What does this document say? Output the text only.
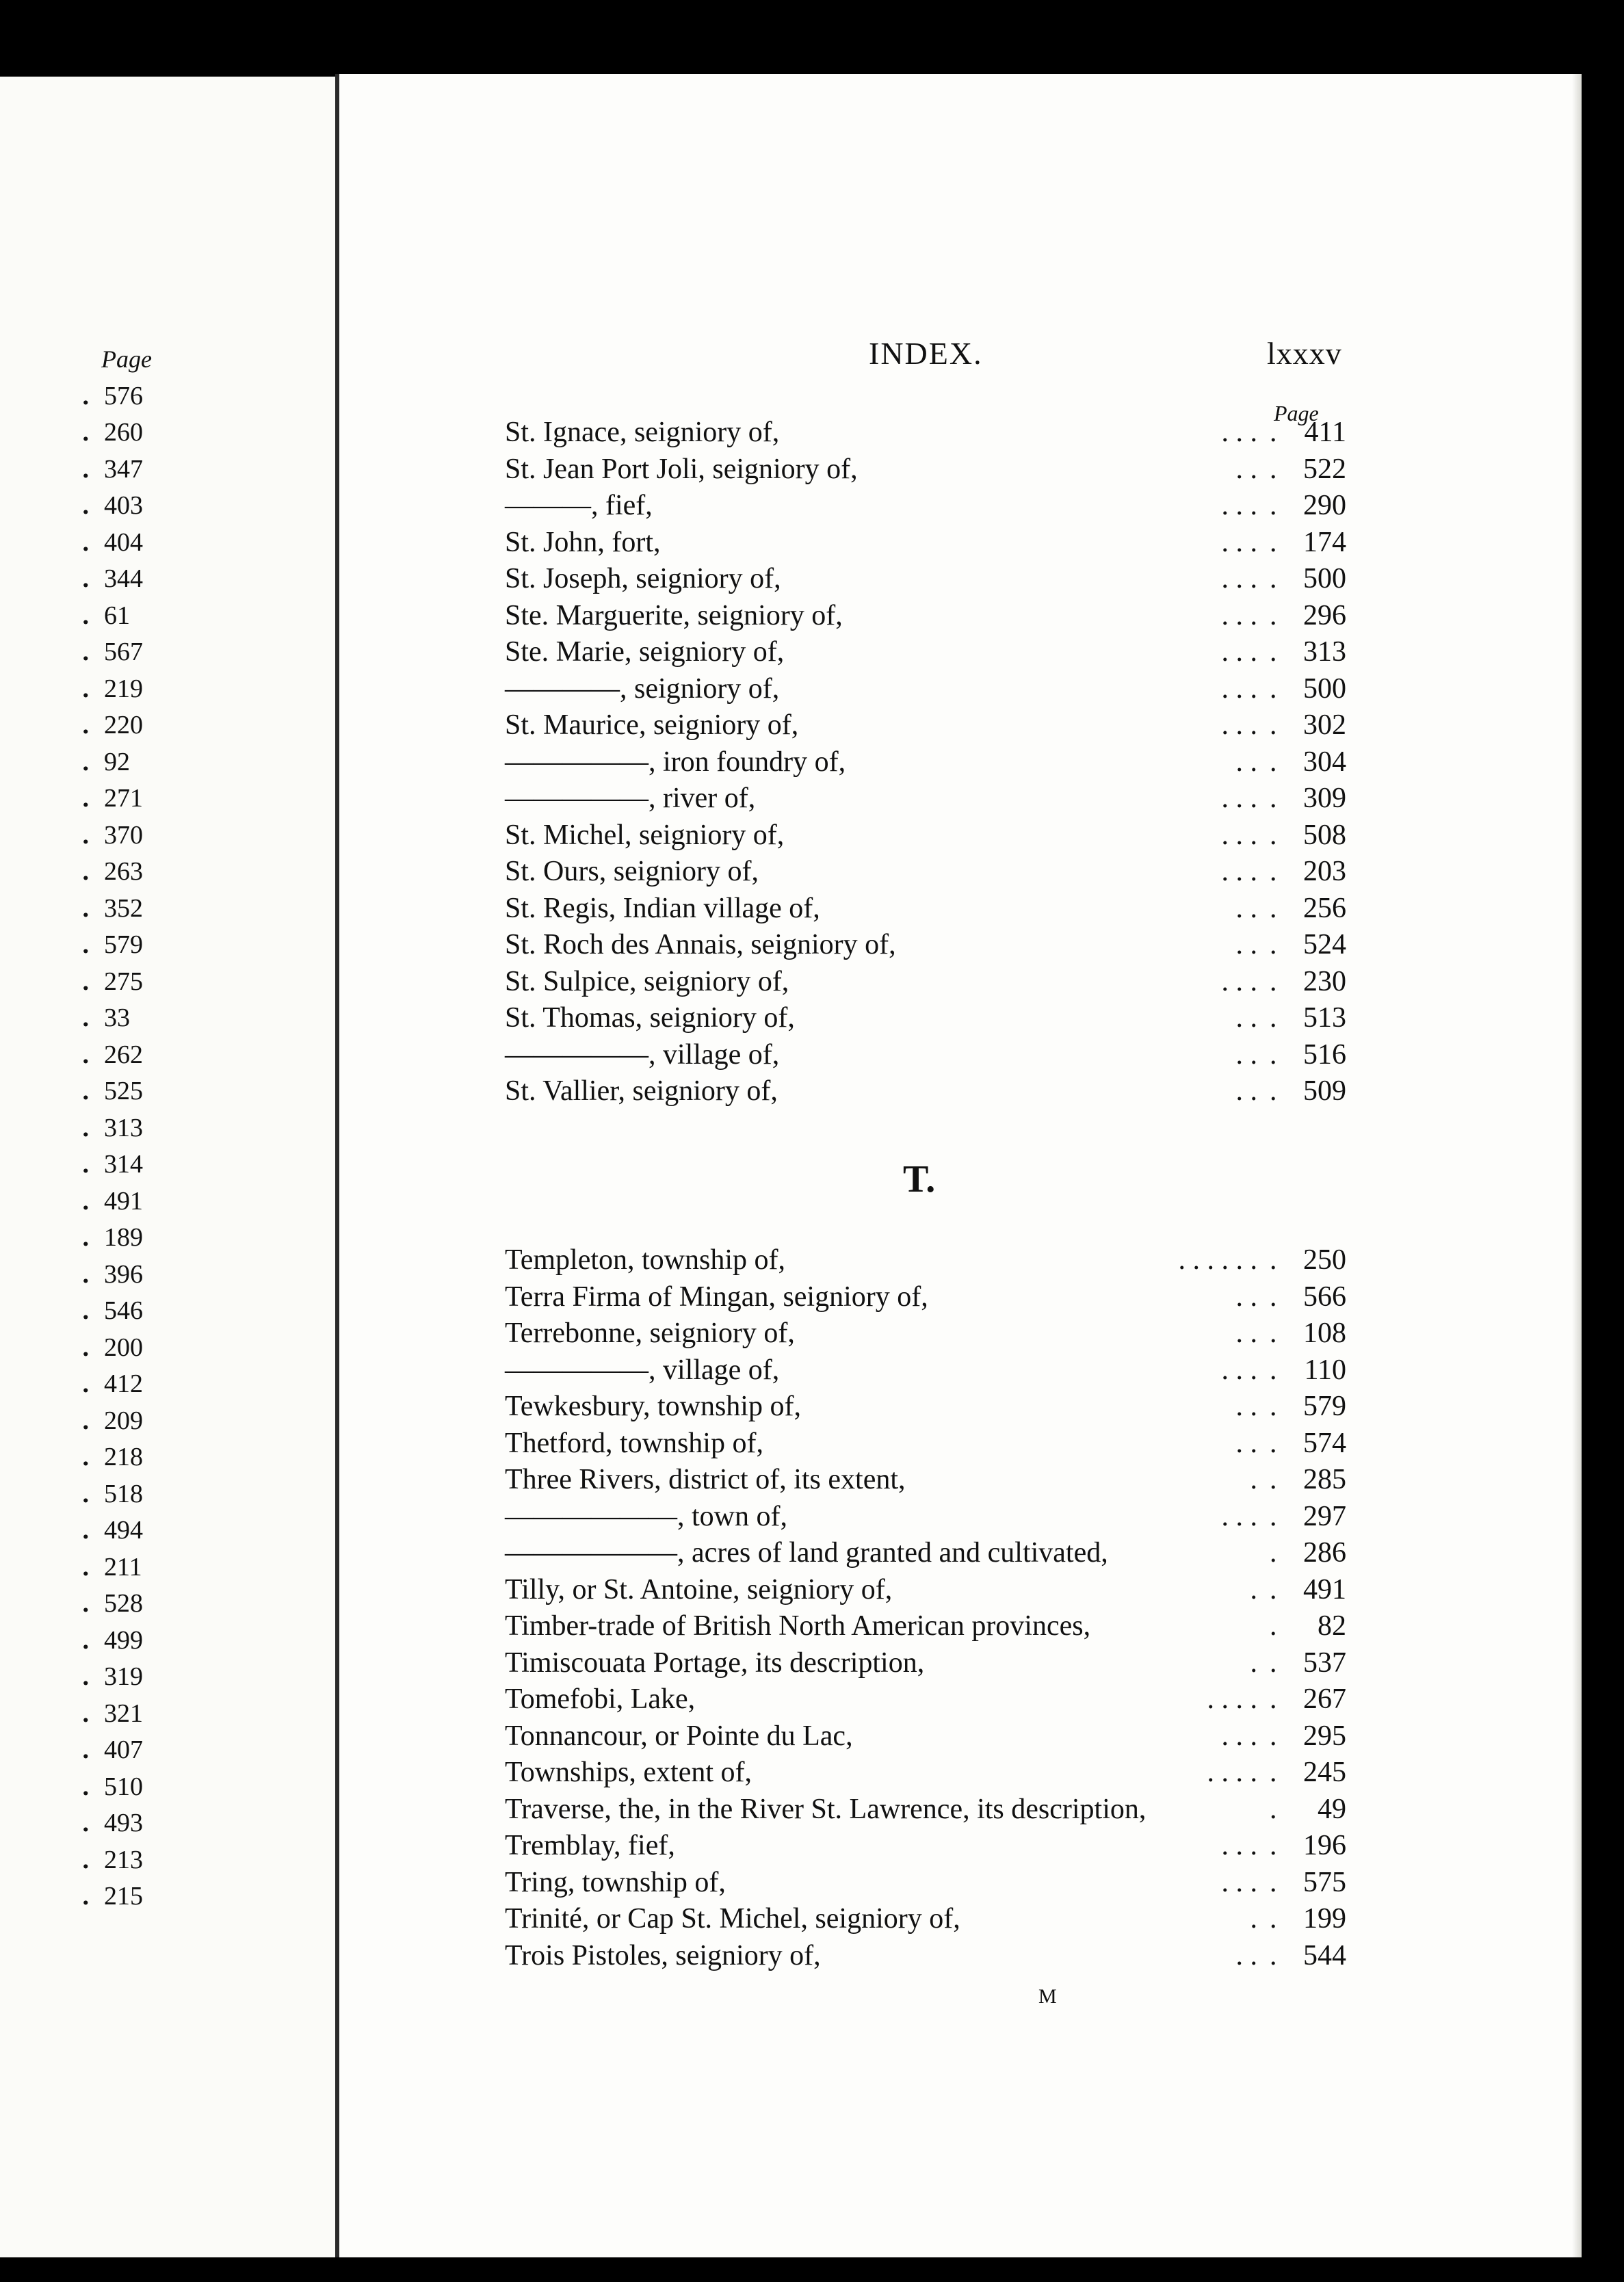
Page
. 576
. 260
. 347
. 403
. 404
. 344
. 61
. 567
. 219
. 220
. 92
. 271
. 370
. 263
. 352
. 579
. 275
. 33
. 262
. 525
. 313
. 314
. 491
. 189
. 396
. 546
. 200
. 412
. 209
. 218
. 518
. 494
. 211
. 528
. 499
. 319
. 321
. 407
. 510
. 493
. 213
. 215
INDEX.	lxxxv
Page
St. Ignace, seigniory of,	. . .	. 411
St. Jean Port Joli, seigniory of,	. .	. 522
———, fief,	. . .	. 290
St. John, fort,	. . .	. 174
St. Joseph, seigniory of,	. . .	. 500
Ste. Marguerite, seigniory of,	. . .	. 296
Ste. Marie, seigniory of,	. . .	. 313
————, seigniory of,	. . .	. 500
St. Maurice, seigniory of,	. . .	. 302
—————, iron foundry of,	. .	. 304
—————, river of,	. . .	. 309
St. Michel, seigniory of,	. . .	. 508
St. Ours, seigniory of,	. . .	. 203
St. Regis, Indian village of,	. .	. 256
St. Roch des Annais, seigniory of,	. .	. 524
St. Sulpice, seigniory of,	. . .	. 230
St. Thomas, seigniory of,	. .	. 513
—————, village of,	. .	. 516
St. Vallier, seigniory of,	. .	. 509
T.
Templeton, township of,	. . . . . .	. 250
Terra Firma of Mingan, seigniory of,	. .	. 566
Terrebonne, seigniory of,	. .	. 108
—————, village of,	. . .	. 110
Tewkesbury, township of,	. .	. 579
Thetford, township of,	. .	. 574
Three Rivers, district of, its extent,	.	. 285
——————, town of,	. . .	. 297
——————, acres of land granted and cultivated,	. 286
Tilly, or St. Antoine, seigniory of,	.	. 491
Timber-trade of British North American provinces,	. 82
Timiscouata Portage, its description,	.	. 537
Tomefobi, Lake,	. . . .	. 267
Tonnancour, or Pointe du Lac,	. . .	. 295
Townships, extent of,	. . . .	. 245
Traverse, the, in the River St. Lawrence, its description,	. 49
Tremblay, fief,	. . .	. 196
Tring, township of,	. . .	. 575
Trinité, or Cap St. Michel, seigniory of,	.	. 199
Trois Pistoles, seigniory of,	. .	. 544
M
